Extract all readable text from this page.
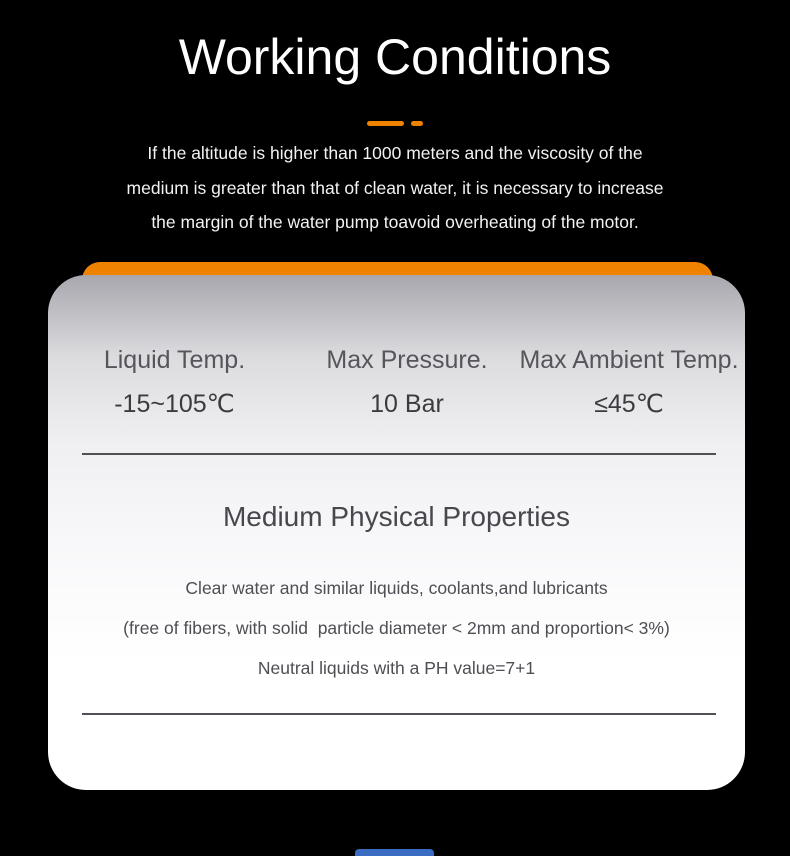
Working Conditions
If the altitude is higher than 1000 meters and the viscosity of the
medium is greater than that of clean water, it is necessary to increase
the margin of the water pump toavoid overheating of the motor.
Liquid Temp.
-15~105℃
Max Pressure.
10 Bar
Max Ambient Temp.
≤45℃
Medium Physical Properties
Clear water and similar liquids, coolants,and lubricants
(free of fibers, with solid  particle diameter < 2mm and proportion< 3%)
Neutral liquids with a PH value=7+1
